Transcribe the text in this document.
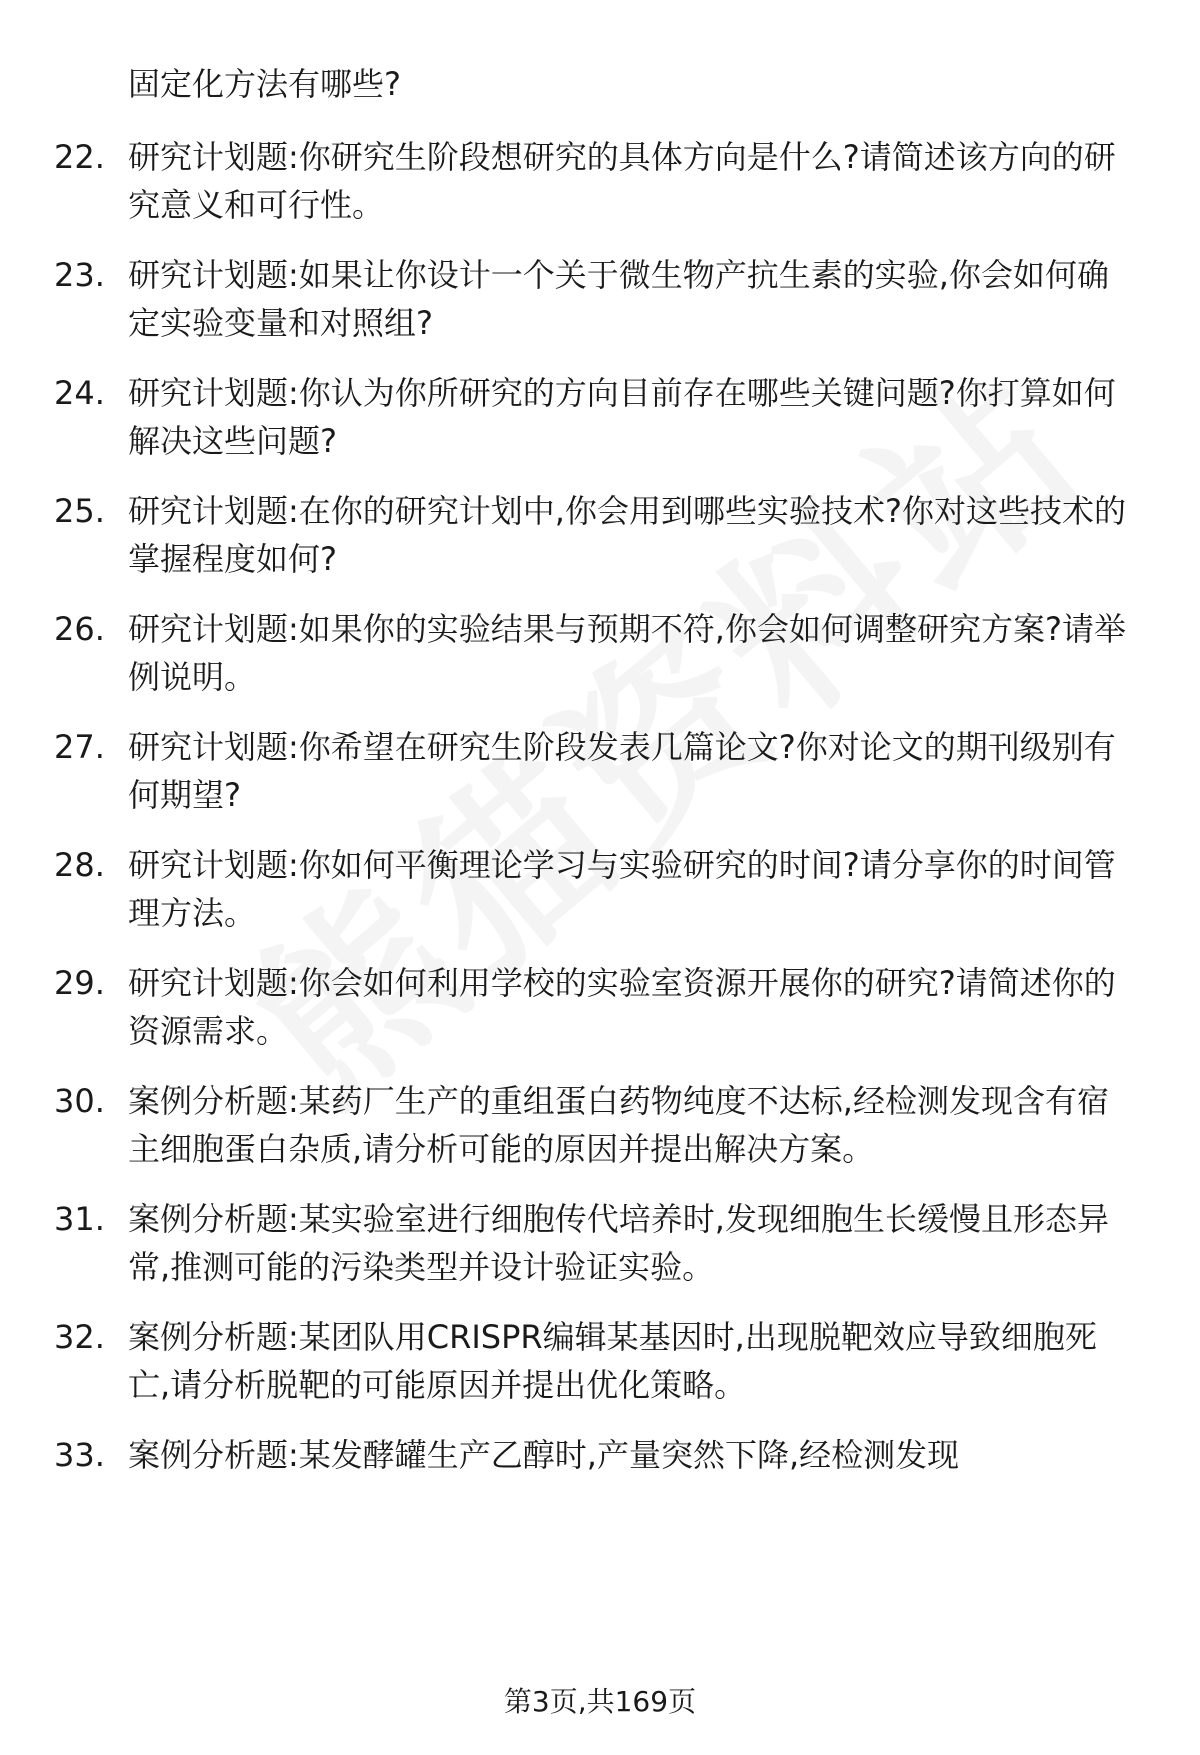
固定化方法有哪些?
22. 研究计划题:你研究生阶段想研究的具体方向是什么?请简述该方向的研究意义和可行性。
23. 研究计划题:如果让你设计一个关于微生物产抗生素的实验,你会如何确定实验变量和对照组?
24. 研究计划题:你认为你所研究的方向目前存在哪些关键问题?你打算如何解决这些问题?
25. 研究计划题:在你的研究计划中,你会用到哪些实验技术?你对这些技术的掌握程度如何?
26. 研究计划题:如果你的实验结果与预期不符,你会如何调整研究方案?请举例说明。
27. 研究计划题:你希望在研究生阶段发表几篇论文?你对论文的期刊级别有何期望?
28. 研究计划题:你如何平衡理论学习与实验研究的时间?请分享你的时间管理方法。
29. 研究计划题:你会如何利用学校的实验室资源开展你的研究?请简述你的资源需求。
30. 案例分析题:某药厂生产的重组蛋白药物纯度不达标,经检测发现含有宿主细胞蛋白杂质,请分析可能的原因并提出解决方案。
31. 案例分析题:某实验室进行细胞传代培养时,发现细胞生长缓慢且形态异常,推测可能的污染类型并设计验证实验。
32. 案例分析题:某团队用CRISPR编辑某基因时,出现脱靶效应导致细胞死亡,请分析脱靶的可能原因并提出优化策略。
33. 案例分析题:某发酵罐生产乙醇时,产量突然下降,经检测发现
第3页,共169页
